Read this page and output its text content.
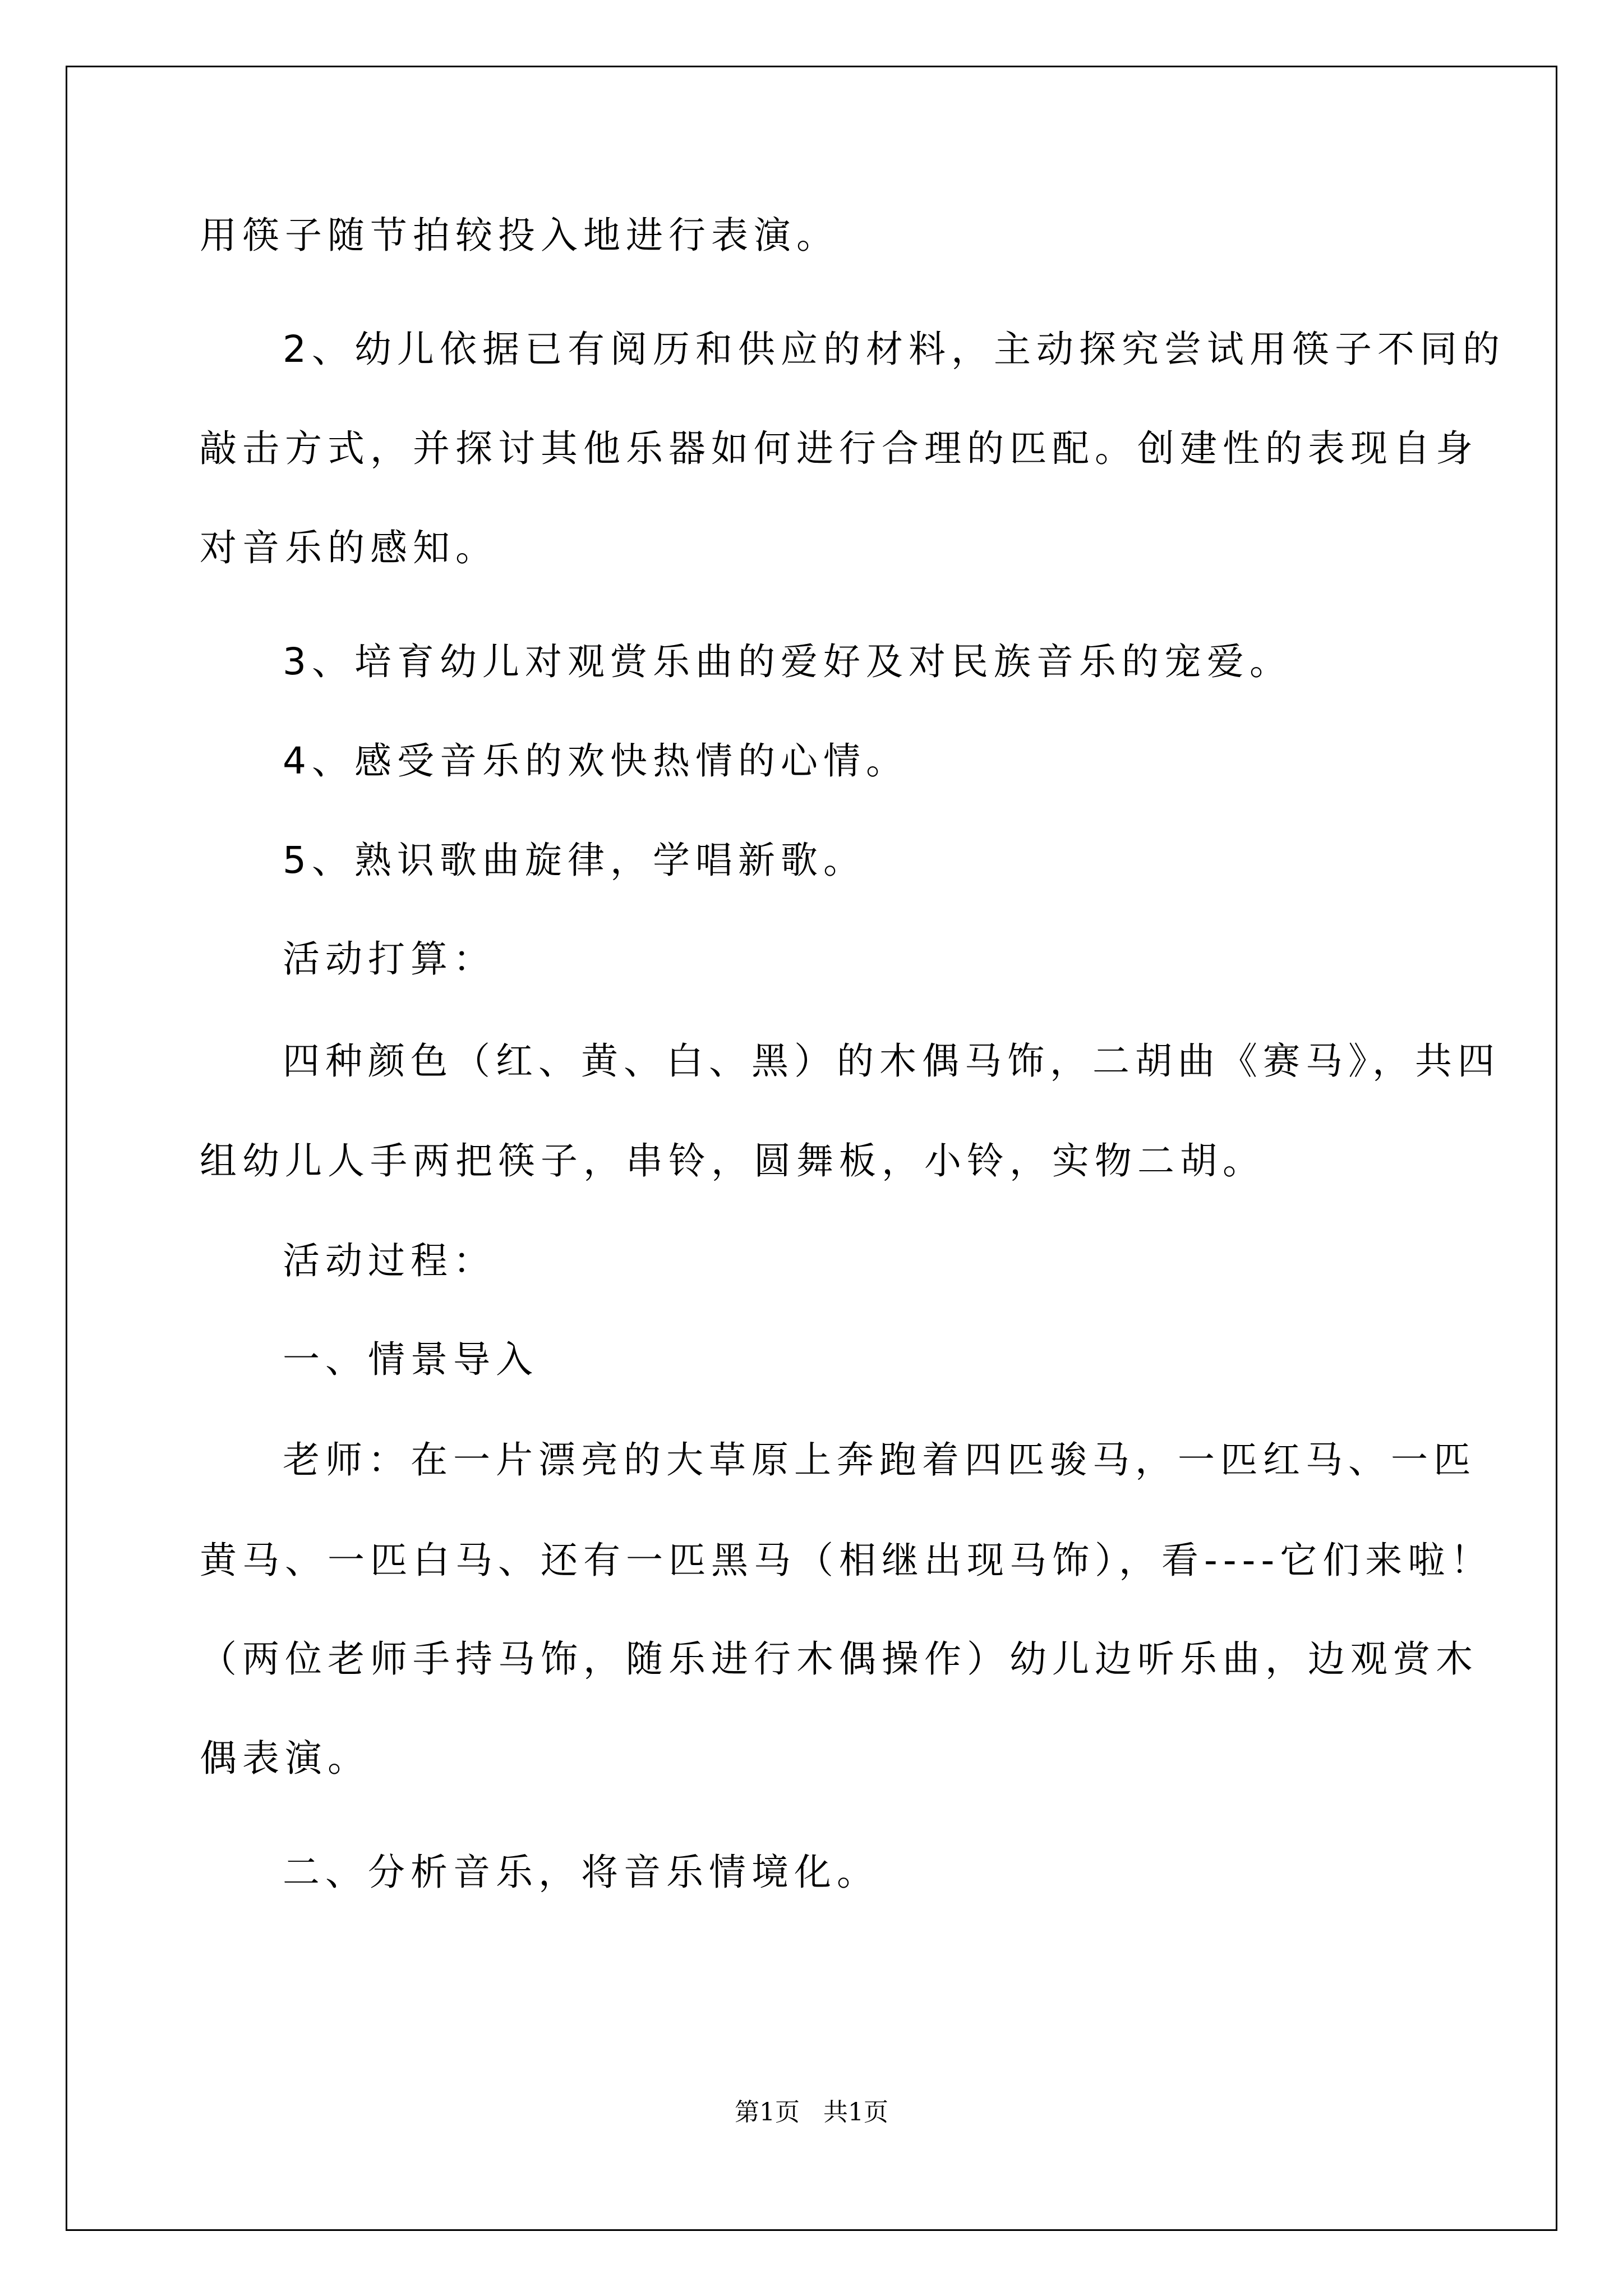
用筷子随节拍较投入地进行表演。
2、幼儿依据已有阅历和供应的材料，主动探究尝试用筷子不同的
敲击方式，并探讨其他乐器如何进行合理的匹配。创建性的表现自身
对音乐的感知。
3、培育幼儿对观赏乐曲的爱好及对民族音乐的宠爱。
4、感受音乐的欢快热情的心情。
5、熟识歌曲旋律，学唱新歌。
活动打算：
四种颜色（红、黄、白、黑）的木偶马饰，二胡曲《赛马》，共四
组幼儿人手两把筷子，串铃，圆舞板，小铃，实物二胡。
活动过程：
一、情景导入
老师：在一片漂亮的大草原上奔跑着四匹骏马，一匹红马、一匹
黄马、一匹白马、还有一匹黑马（相继出现马饰），看----它们来啦！
（两位老师手持马饰，随乐进行木偶操作）幼儿边听乐曲，边观赏木
偶表演。
二、分析音乐，将音乐情境化。
第1页   共1页
